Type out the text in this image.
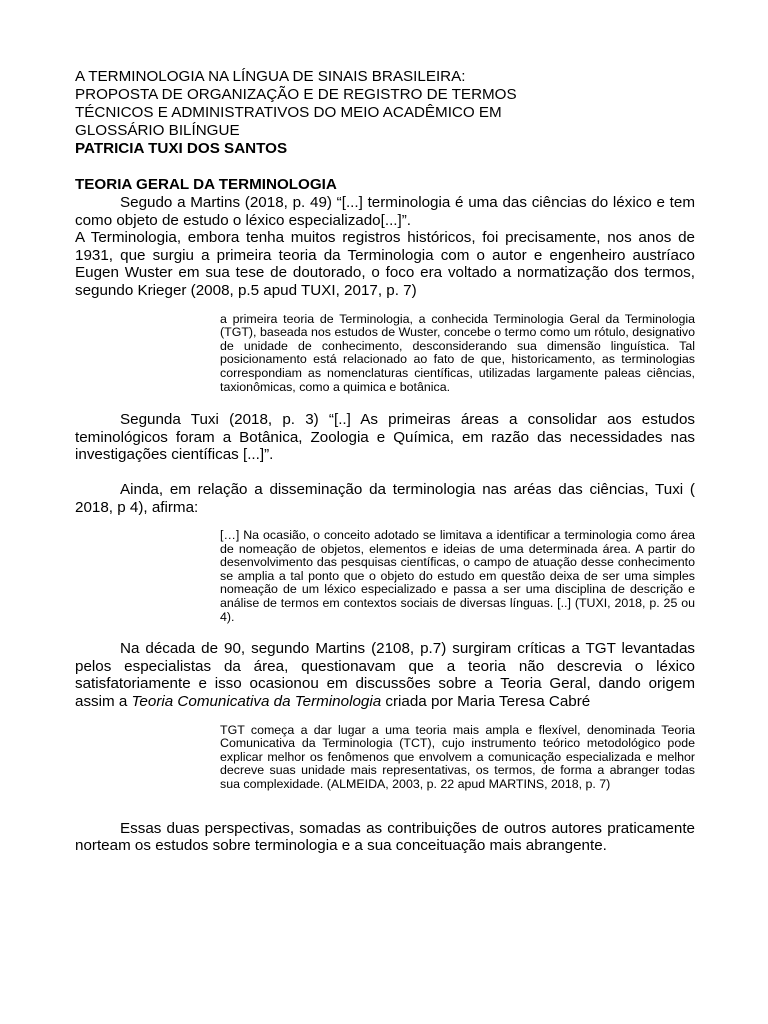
A TERMINOLOGIA NA LÍNGUA DE SINAIS BRASILEIRA:

PROPOSTA DE ORGANIZAÇÃO E DE REGISTRO DE TERMOS

TÉCNICOS E ADMINISTRATIVOS DO MEIO ACADÊMICO EM

GLOSSÁRIO BILÍNGUE

PATRICIA TUXI DOS SANTOS

TEORIA GERAL DA TERMINOLOGIA

Segudo a Martins (2018, p. 49) “[...] terminologia é uma das ciências do léxico e tem como objeto de estudo o léxico especializado[...]”.

A Terminologia, embora tenha muitos registros históricos, foi precisamente, nos anos de 1931, que surgiu a primeira teoria da Terminologia com o autor e engenheiro austríaco Eugen Wuster em sua tese de doutorado, o foco era voltado a normatização dos termos, segundo Krieger (2008, p.5 apud TUXI, 2017, p. 7)

a primeira teoria de Terminologia, a conhecida Terminologia Geral da Terminologia (TGT), baseada nos estudos de Wuster, concebe o termo como um rótulo, designativo de unidade de conhecimento, desconsiderando sua dimensão linguística. Tal posicionamento está relacionado ao fato de que, historicamento, as terminologias correspondiam as nomenclaturas científicas, utilizadas largamente paleas ciências, taxionômicas, como a quimica e botânica.

Segunda Tuxi (2018, p. 3) “[..] As primeiras áreas a consolidar aos estudos teminológicos foram a Botânica, Zoologia e Química, em razão das necessidades nas investigações científicas [...]”.

Ainda, em relação a disseminação da terminologia nas aréas das ciências, Tuxi ( 2018, p 4), afirma:

[…] Na ocasião, o conceito adotado se limitava a identificar a terminologia como área de nomeação de objetos, elementos e ideias de uma determinada área. A partir do desenvolvimento das pesquisas científicas, o campo de atuação desse conhecimento se amplia a tal ponto que o objeto do estudo em questão deixa de ser uma simples nomeação de um léxico especializado e passa a ser uma disciplina de descrição e análise de termos em contextos sociais de diversas línguas. [..] (TUXI, 2018, p. 25 ou 4).

Na década de 90, segundo Martins (2108, p.7) surgiram críticas a TGT levantadas pelos especialistas da área, questionavam que a teoria não descrevia o léxico satisfatoriamente e isso ocasionou em discussões sobre a Teoria Geral, dando origem assim a Teoria Comunicativa da Terminologia criada por Maria Teresa Cabré

TGT começa a dar lugar a uma teoria mais ampla e flexível, denominada Teoria Comunicativa da Terminologia (TCT), cujo instrumento teórico metodológico pode explicar melhor os fenômenos que envolvem a comunicação especializada e melhor decreve suas unidade mais representativas, os termos, de forma a abranger todas sua complexidade. (ALMEIDA, 2003, p. 22 apud MARTINS, 2018, p. 7)

Essas duas perspectivas, somadas as contribuições de outros autores praticamente norteam os estudos sobre terminologia e a sua conceituação mais abrangente.
